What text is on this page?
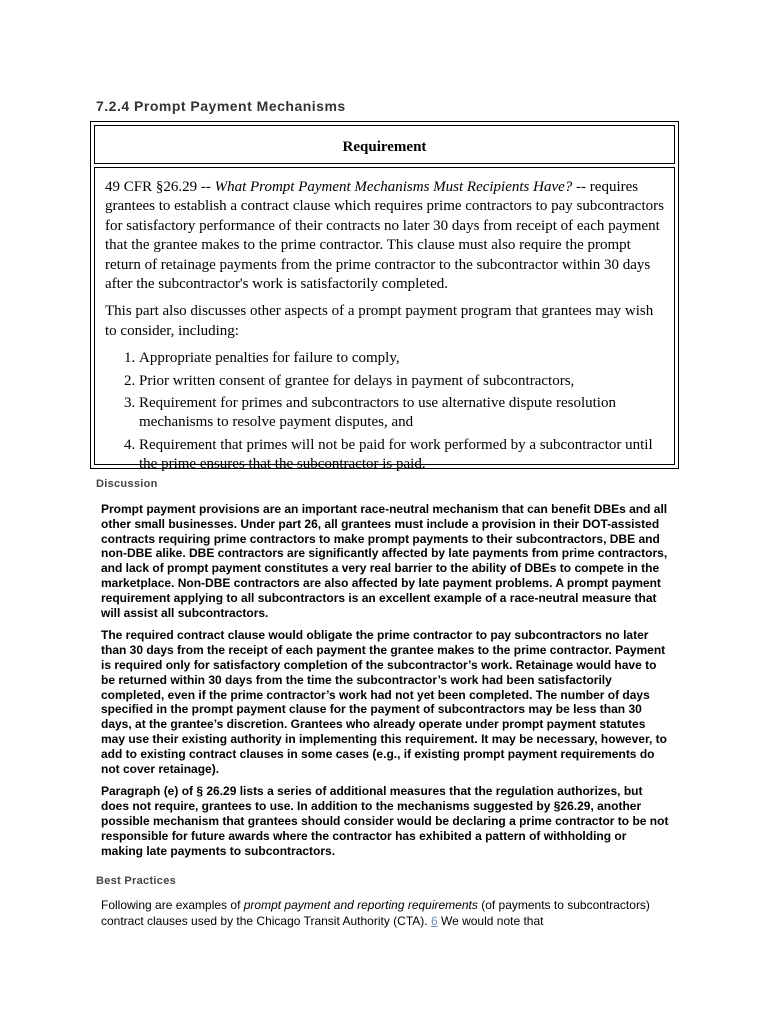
7.2.4 Prompt Payment Mechanisms
Requirement

49 CFR §26.29 -- What Prompt Payment Mechanisms Must Recipients Have? -- requires grantees to establish a contract clause which requires prime contractors to pay subcontractors for satisfactory performance of their contracts no later 30 days from receipt of each payment that the grantee makes to the prime contractor. This clause must also require the prompt return of retainage payments from the prime contractor to the subcontractor within 30 days after the subcontractor's work is satisfactorily completed.

This part also discusses other aspects of a prompt payment program that grantees may wish to consider, including:

1. Appropriate penalties for failure to comply,
2. Prior written consent of grantee for delays in payment of subcontractors,
3. Requirement for primes and subcontractors to use alternative dispute resolution mechanisms to resolve payment disputes, and
4. Requirement that primes will not be paid for work performed by a subcontractor until the prime ensures that the subcontractor is paid.
Discussion

Prompt payment provisions are an important race-neutral mechanism that can benefit DBEs and all other small businesses. Under part 26, all grantees must include a provision in their DOT-assisted contracts requiring prime contractors to make prompt payments to their subcontractors, DBE and non-DBE alike. DBE contractors are significantly affected by late payments from prime contractors, and lack of prompt payment constitutes a very real barrier to the ability of DBEs to compete in the marketplace. Non-DBE contractors are also affected by late payment problems. A prompt payment requirement applying to all subcontractors is an excellent example of a race-neutral measure that will assist all subcontractors.

The required contract clause would obligate the prime contractor to pay subcontractors no later than 30 days from the receipt of each payment the grantee makes to the prime contractor. Payment is required only for satisfactory completion of the subcontractor’s work. Retainage would have to be returned within 30 days from the time the subcontractor’s work had been satisfactorily completed, even if the prime contractor’s work had not yet been completed. The number of days specified in the prompt payment clause for the payment of subcontractors may be less than 30 days, at the grantee’s discretion. Grantees who already operate under prompt payment statutes may use their existing authority in implementing this requirement. It may be necessary, however, to add to existing contract clauses in some cases (e.g., if existing prompt payment requirements do not cover retainage).

Paragraph (e) of § 26.29 lists a series of additional measures that the regulation authorizes, but does not require, grantees to use. In addition to the mechanisms suggested by §26.29, another possible mechanism that grantees should consider would be declaring a prime contractor to be not responsible for future awards where the contractor has exhibited a pattern of withholding or making late payments to subcontractors.

Best Practices
Following are examples of prompt payment and reporting requirements (of payments to subcontractors) contract clauses used by the Chicago Transit Authority (CTA). 6 We would note that
